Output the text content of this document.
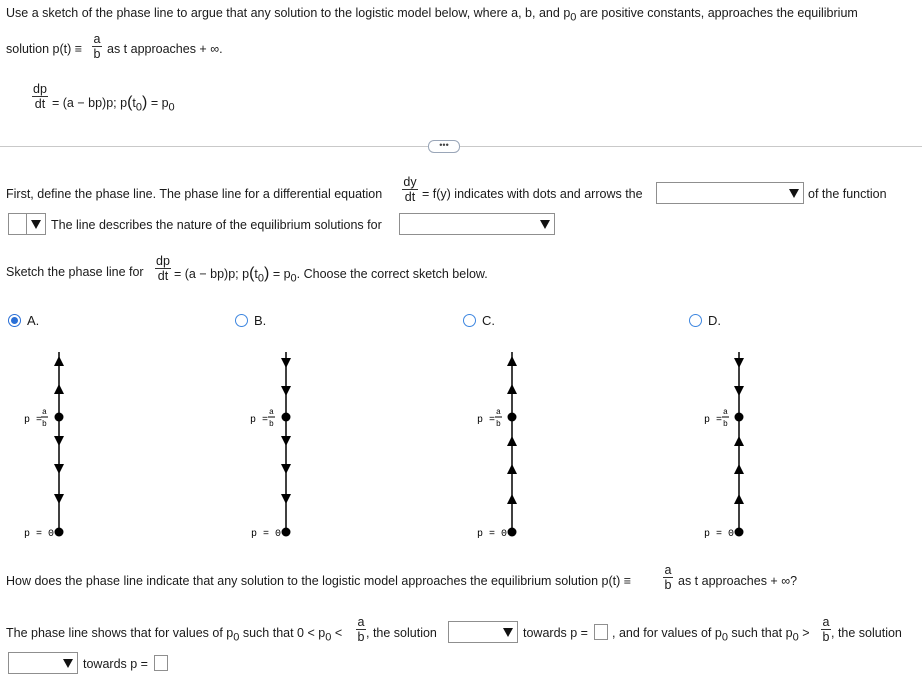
Use a sketch of the phase line to argue that any solution to the logistic model below, where a, b, and $p_0$ are positive constants, approaches the equilibrium
solution p(t) ≡
a
b as t approaches + ∞.
dp
dt = (a − bp)p; $p(t_0) = p_0$
•••
First, define the phase line. The phase line for a differential equation
dy
dt = f(y) indicates with dots and arrows the	of the function
The line describes the nature of the equilibrium solutions for
Sketch the phase line for
dp
dt = (a − bp)p; $p(t_0) = p_0$. Choose the correct sketch below.
A.	B.	C.	D.
p =
a
b
p = 0
p =
a
b
p = 0
p =
a
b
p = 0
p =
a
b
p = 0
How does the phase line indicate that any solution to the logistic model approaches the equilibrium solution p(t) ≡
a
b as t approaches + ∞?
The phase line shows that for values of $p_0$ such that $0 < p_0$ <
a
b , the solution	towards p = , and for values of $p_0$ such that $p_0$ >
a
b , the solution
towards p =
